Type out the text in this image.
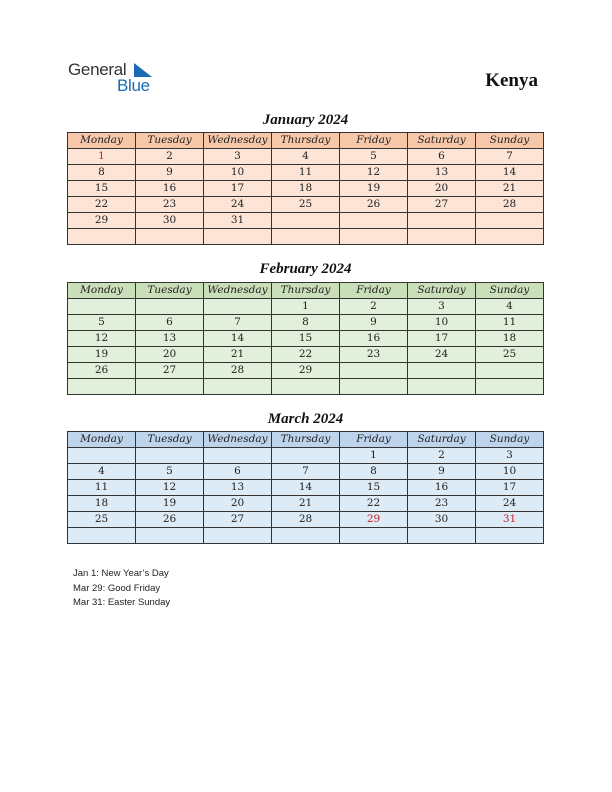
General
Blue	Kenya
January 2024
Monday	Tuesday	Wednesday	Thursday	Friday	Saturday	Sunday
1	2	3	4	5	6	7
8	9	10	11	12	13	14
15	16	17	18	19	20	21
22	23	24	25	26	27	28
29	30	31				

February 2024
Monday	Tuesday	Wednesday	Thursday	Friday	Saturday	Sunday
			1	2	3	4
5	6	7	8	9	10	11
12	13	14	15	16	17	18
19	20	21	22	23	24	25
26	27	28	29			

March 2024
Monday	Tuesday	Wednesday	Thursday	Friday	Saturday	Sunday
				1	2	3
4	5	6	7	8	9	10
11	12	13	14	15	16	17
18	19	20	21	22	23	24
25	26	27	28	29	30	31

Jan 1: New Year’s Day
Mar 29: Good Friday
Mar 31: Easter Sunday
